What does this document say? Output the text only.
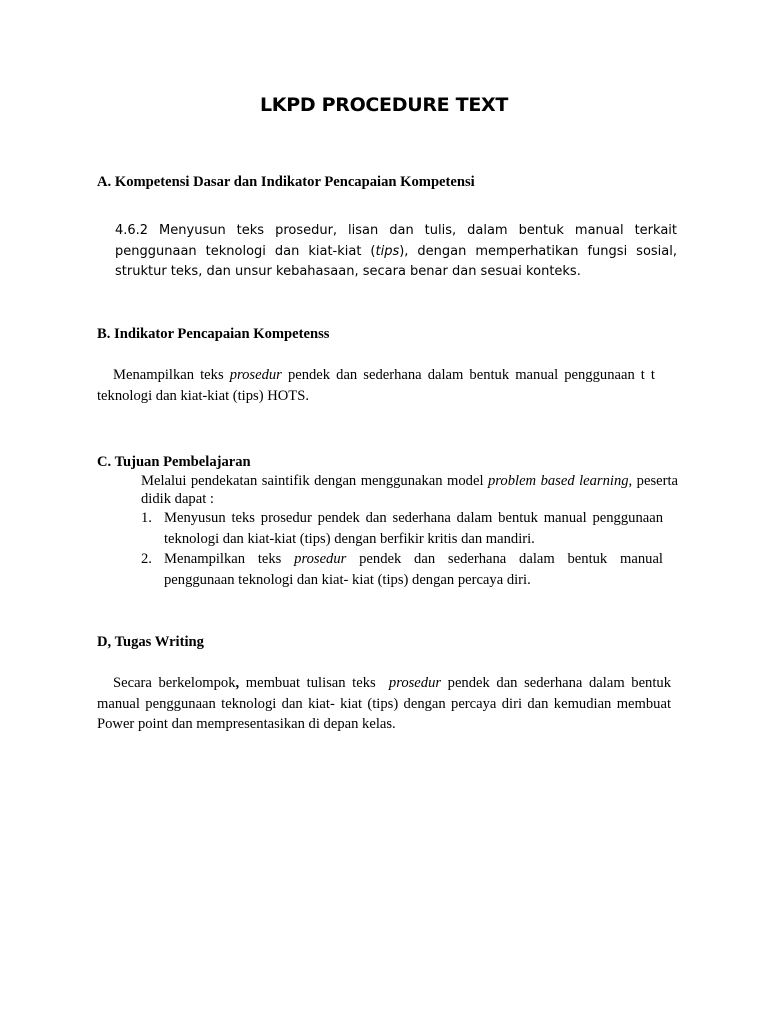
LKPD PROCEDURE TEXT
A. Kompetensi Dasar dan Indikator Pencapaian Kompetensi
4.6.2 Menyusun teks prosedur, lisan dan tulis, dalam bentuk manual terkait penggunaan teknologi dan kiat-kiat (tips), dengan memperhatikan fungsi sosial, struktur teks, dan unsur kebahasaan, secara benar dan sesuai konteks.
B. Indikator Pencapaian Kompetenss
Menampilkan teks prosedur pendek dan sederhana dalam bentuk manual penggunaan t t teknologi dan kiat-kiat (tips) HOTS.
C. Tujuan Pembelajaran
Melalui pendekatan saintifik dengan menggunakan model problem based learning, peserta didik dapat :
1. Menyusun teks prosedur pendek dan sederhana dalam bentuk manual penggunaan teknologi dan kiat-kiat (tips) dengan berfikir kritis dan mandiri.
2. Menampilkan teks prosedur pendek dan sederhana dalam bentuk manual penggunaan teknologi dan kiat- kiat (tips) dengan percaya diri.
D, Tugas Writing
Secara berkelompok, membuat tulisan teks  prosedur pendek dan sederhana dalam bentuk manual penggunaan teknologi dan kiat- kiat (tips) dengan percaya diri dan kemudian membuat Power point dan mempresentasikan di depan kelas.
